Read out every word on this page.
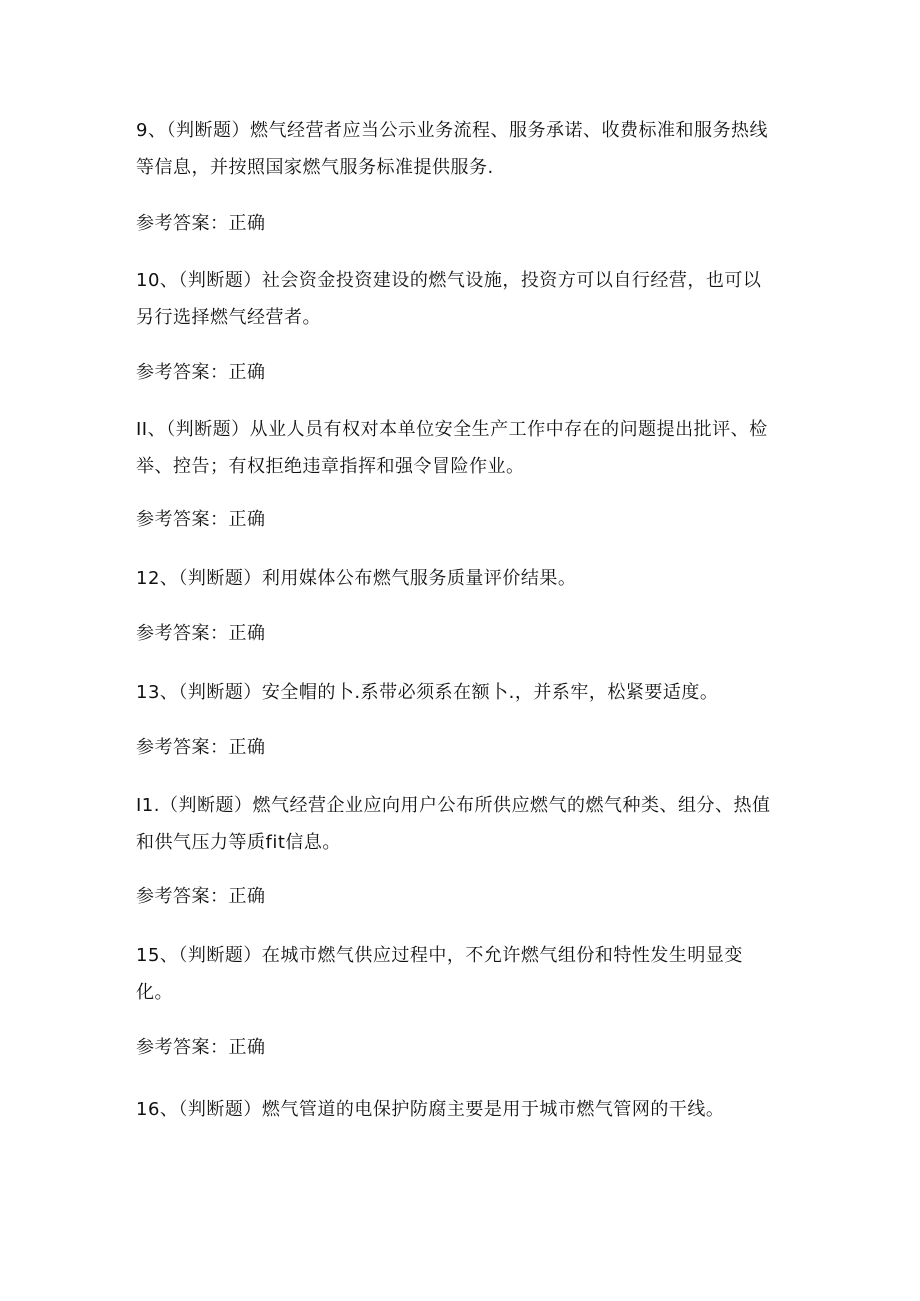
9、（判断题）燃气经营者应当公示业务流程、服务承诺、收费标准和服务热线
等信息，并按照国家燃气服务标准提供服务.
参考答案：正确
10、（判断题）社会资金投资建设的燃气设施，投资方可以自行经营，也可以
另行选择燃气经营者。
参考答案：正确
II、（判断题）从业人员有权对本单位安全生产工作中存在的问题提出批评、检
举、控告；有权拒绝违章指挥和强令冒险作业。
参考答案：正确
12、（判断题）利用媒体公布燃气服务质量评价结果。
参考答案：正确
13、（判断题）安全帽的卜.系带必须系在额卜.，并系牢，松紧要适度。
参考答案：正确
I1.（判断题）燃气经营企业应向用户公布所供应燃气的燃气种类、组分、热值
和供气压力等质fit信息。
参考答案：正确
15、（判断题）在城市燃气供应过程中，不允许燃气组份和特性发生明显变
化。
参考答案：正确
16、（判断题）燃气管道的电保护防腐主要是用于城市燃气管网的干线。
